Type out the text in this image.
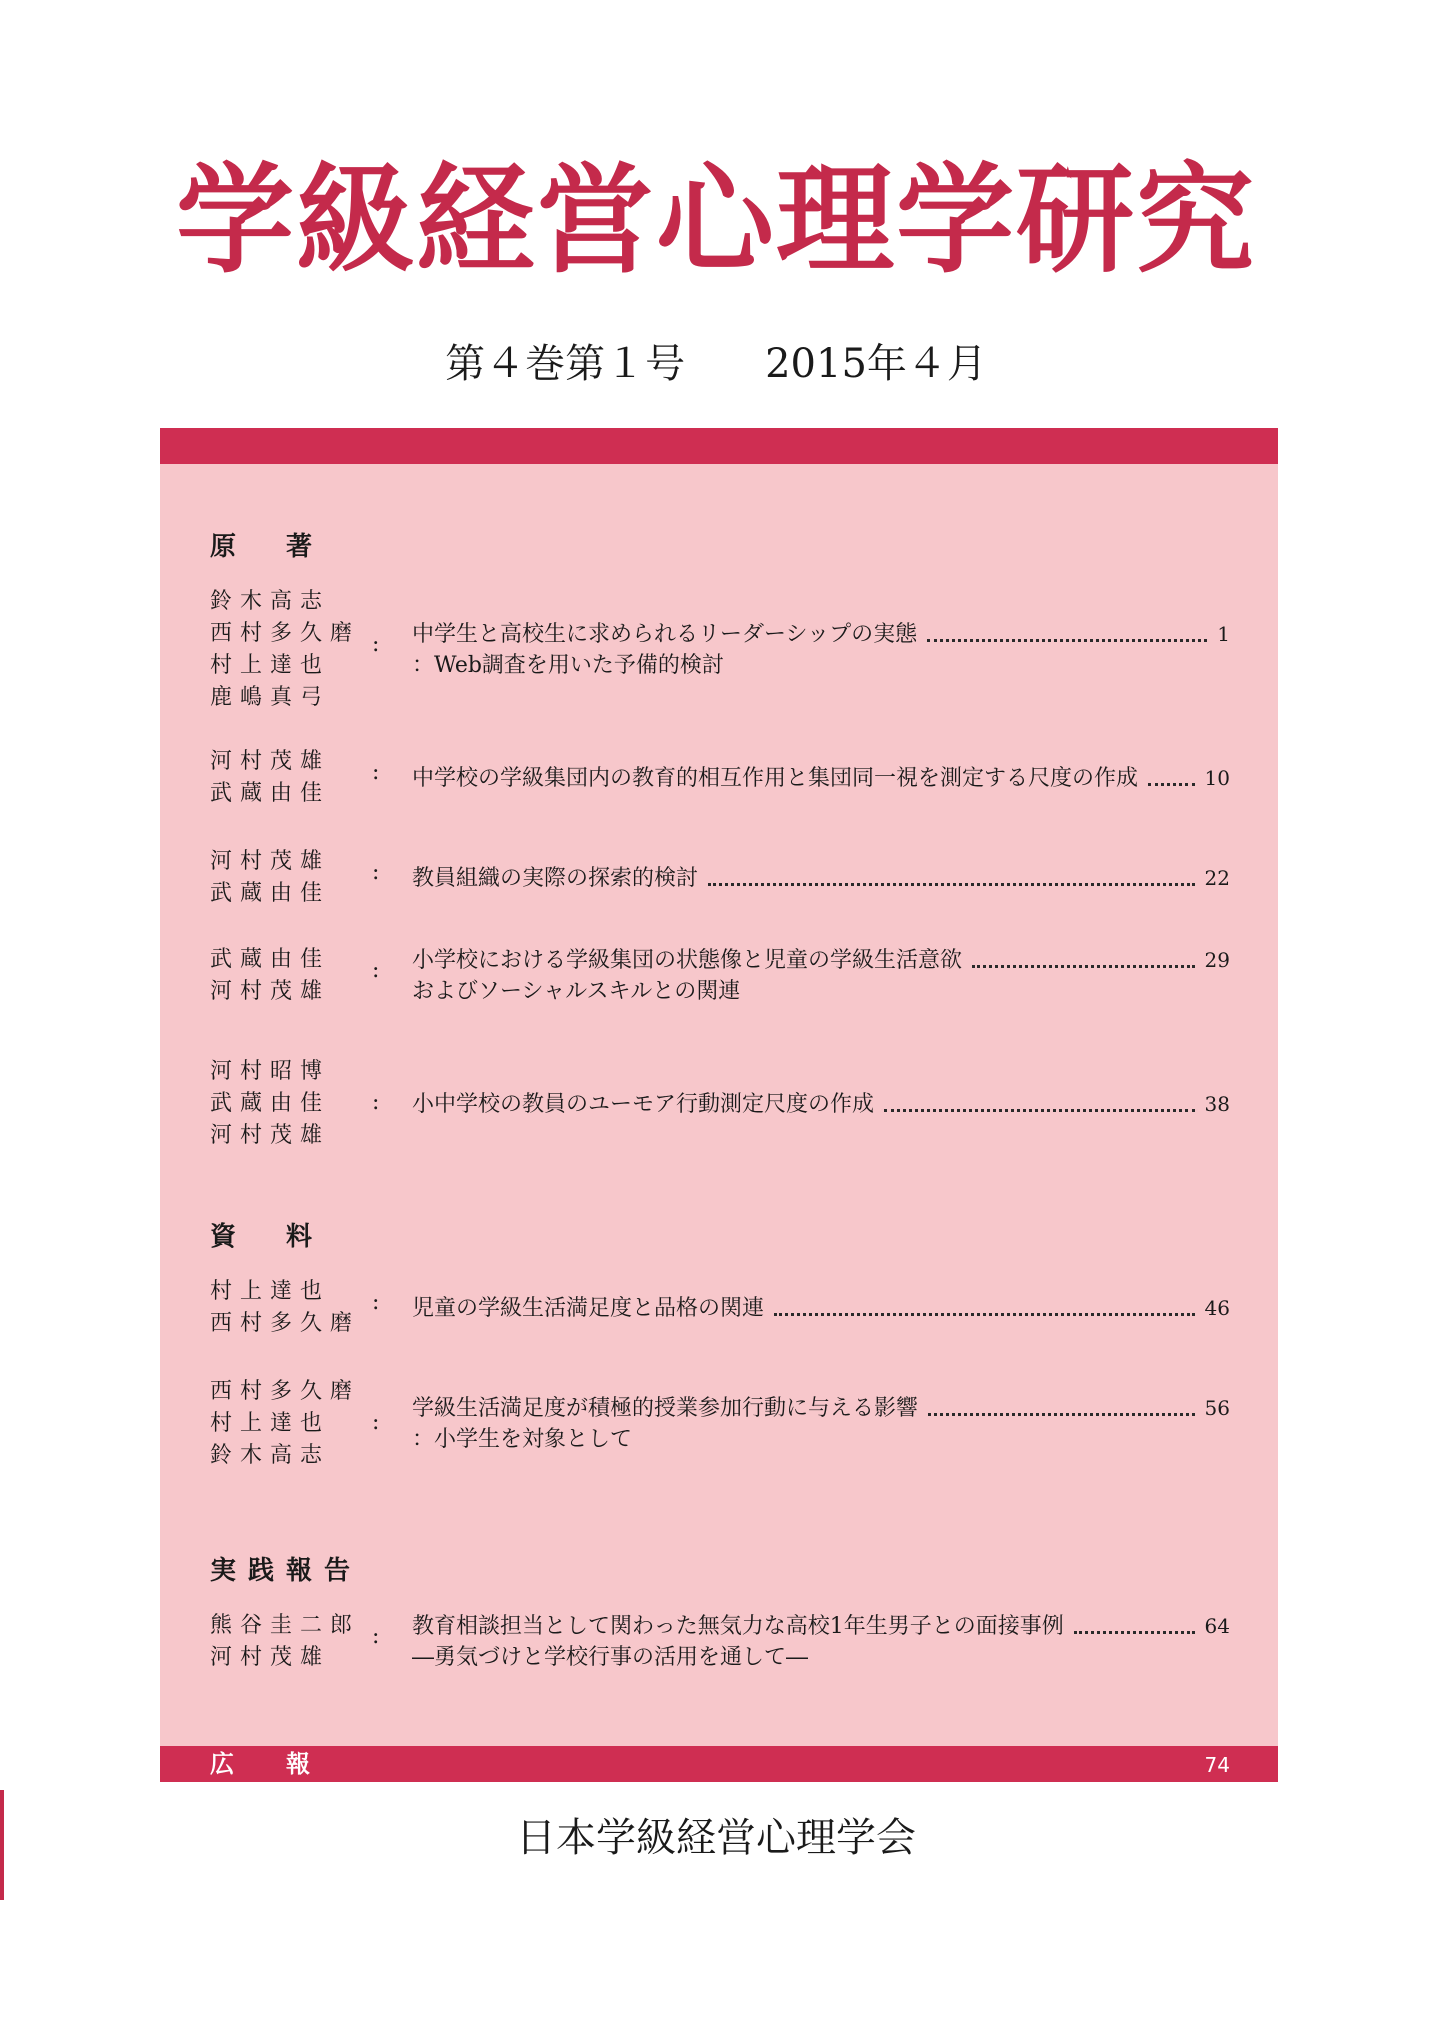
学級経営心理学研究
第４巻第１号 2015年４月
原　著
鈴木高志
西村多久磨
村上達也
鹿嶋真弓
: 中学生と高校生に求められるリーダーシップの実態	1
：Web調査を用いた予備的検討
河村茂雄
武蔵由佳
: 中学校の学級集団内の教育的相互作用と集団同一視を測定する尺度の作成	10
河村茂雄
武蔵由佳
: 教員組織の実際の探索的検討	22
武蔵由佳
河村茂雄
: 小学校における学級集団の状態像と児童の学級生活意欲	29
およびソーシャルスキルとの関連
河村昭博
武蔵由佳
河村茂雄
: 小中学校の教員のユーモア行動測定尺度の作成	38
資　料
村上達也
西村多久磨
: 児童の学級生活満足度と品格の関連	46
西村多久磨
村上達也
鈴木高志
:
学級生活満足度が積極的授業参加行動に与える影響	56
：小学生を対象として
実践報告
熊谷圭二郎
河村茂雄
: 教育相談担当として関わった無気力な高校1年生男子との面接事例	64
―勇気づけと学校行事の活用を通して―
広　報	74
日本学級経営心理学会
